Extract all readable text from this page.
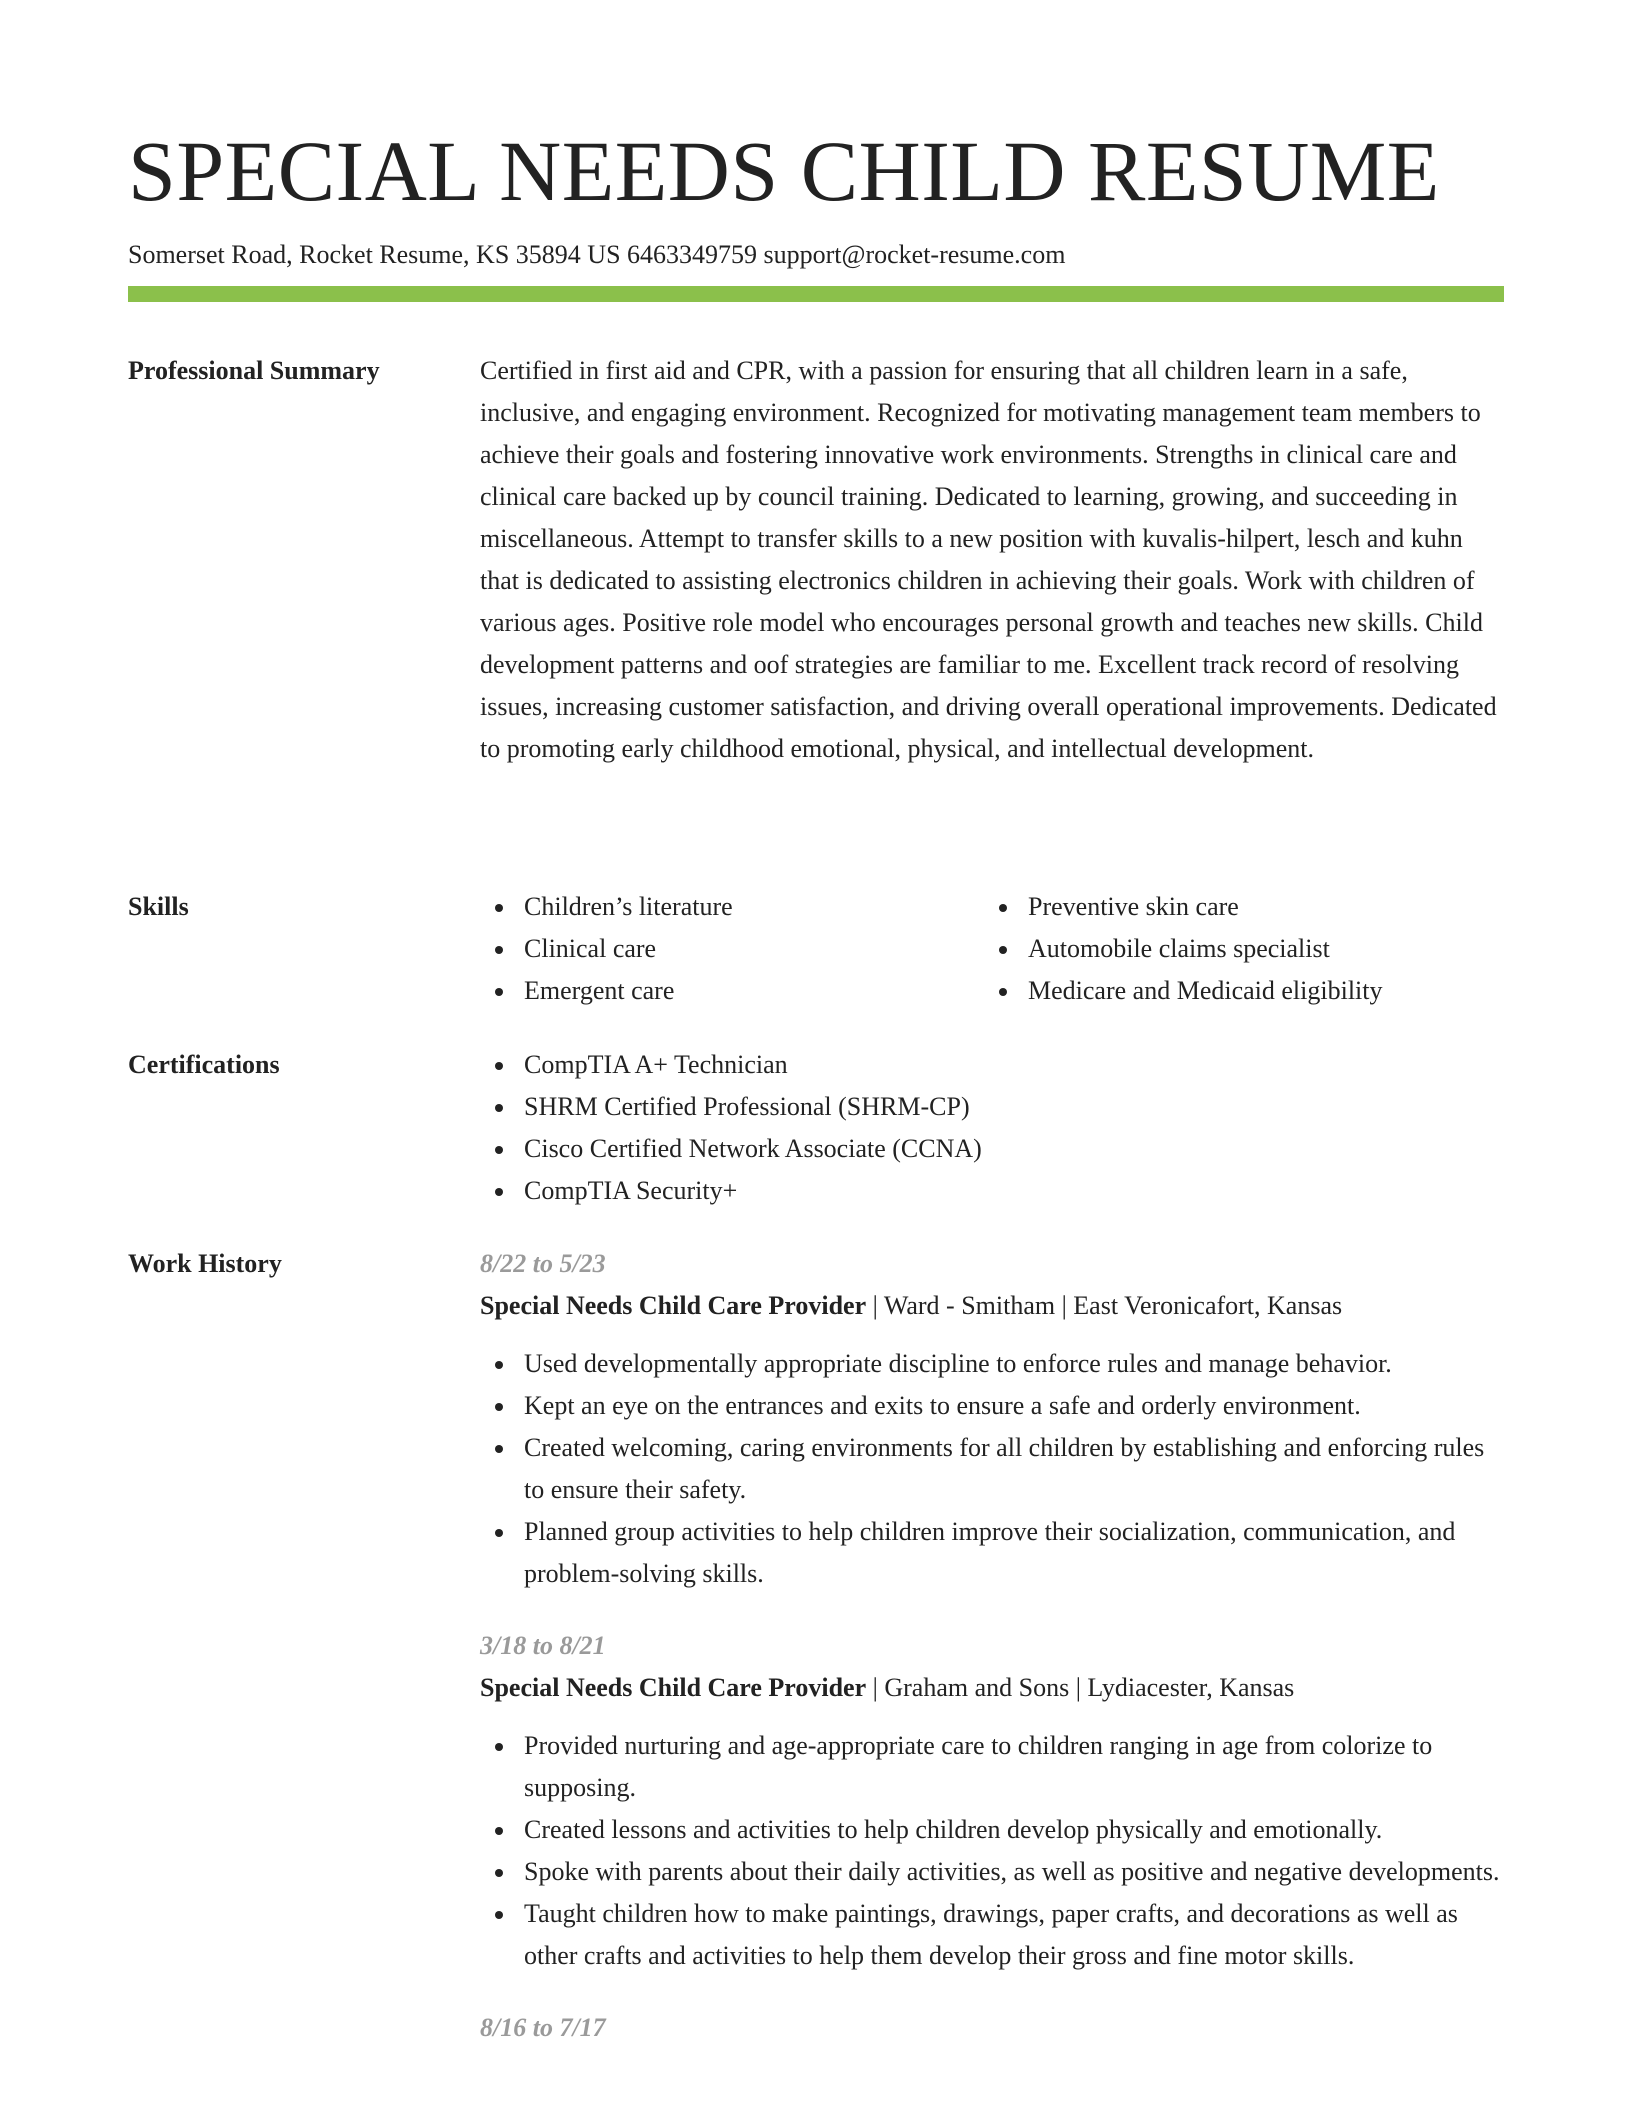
SPECIAL NEEDS CHILD RESUME
Somerset Road, Rocket Resume, KS 35894 US 6463349759 support@rocket-resume.com
Professional Summary	Certified in first aid and CPR, with a passion for ensuring that all children learn in a safe, inclusive, and engaging environment. Recognized for motivating management team members to achieve their goals and fostering innovative work environments. Strengths in clinical care and clinical care backed up by council training. Dedicated to learning, growing, and succeeding in miscellaneous. Attempt to transfer skills to a new position with kuvalis-hilpert, lesch and kuhn that is dedicated to assisting electronics children in achieving their goals. Work with children of various ages. Positive role model who encourages personal growth and teaches new skills. Child development patterns and oof strategies are familiar to me. Excellent track record of resolving issues, increasing customer satisfaction, and driving overall operational improvements. Dedicated to promoting early childhood emotional, physical, and intellectual development.

Skills	Children’s literature
Clinical care
Emergent care
Preventive skin care
Automobile claims specialist
Medicare and Medicaid eligibility
Certifications	CompTIA A+ Technician
SHRM Certified Professional (SHRM-CP)
Cisco Certified Network Associate (CCNA)
CompTIA Security+
Work History	8/22 to 5/23
Special Needs Child Care Provider | Ward - Smitham | East Veronicafort, Kansas
Used developmentally appropriate discipline to enforce rules and manage behavior.
Kept an eye on the entrances and exits to ensure a safe and orderly environment.
Created welcoming, caring environments for all children by establishing and enforcing rules to ensure their safety.
Planned group activities to help children improve their socialization, communication, and problem-solving skills.
3/18 to 8/21
Special Needs Child Care Provider | Graham and Sons | Lydiacester, Kansas
Provided nurturing and age-appropriate care to children ranging in age from colorize to supposing.
Created lessons and activities to help children develop physically and emotionally.
Spoke with parents about their daily activities, as well as positive and negative developments.
Taught children how to make paintings, drawings, paper crafts, and decorations as well as other crafts and activities to help them develop their gross and fine motor skills.
8/16 to 7/17
